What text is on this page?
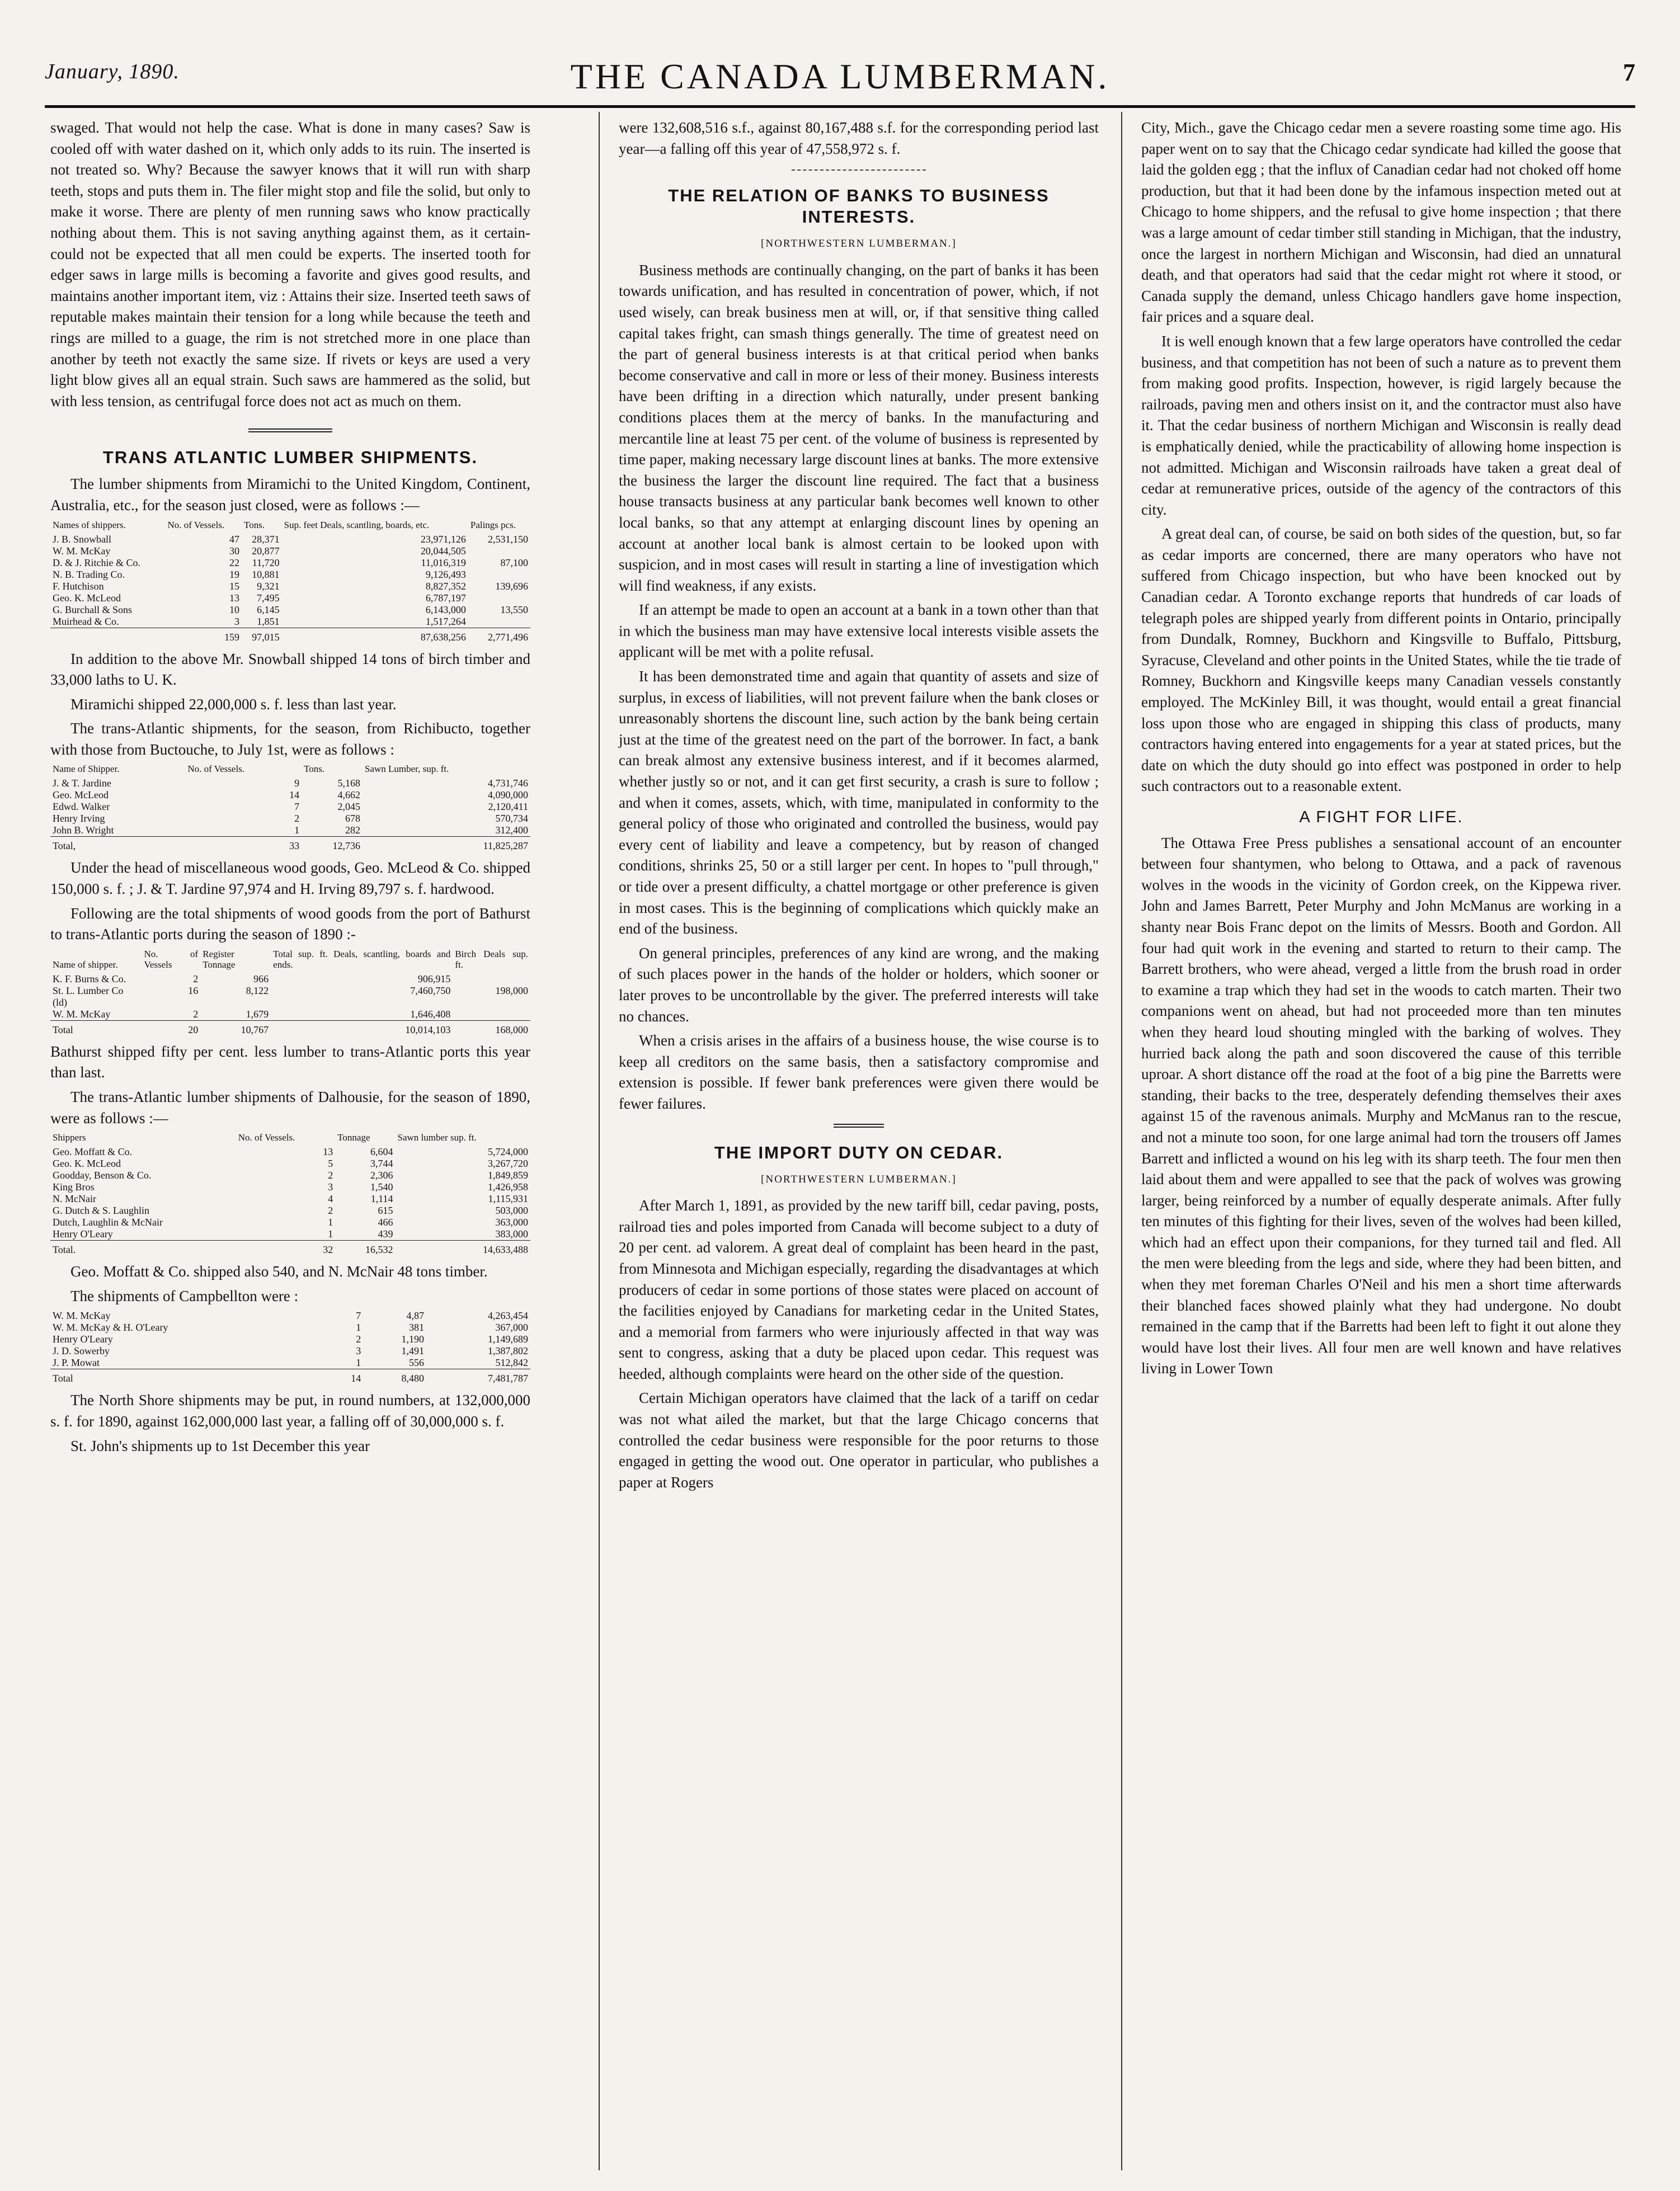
January, 1890.	THE CANADA LUMBERMAN.	7

swaged. That would not help the case. What is done in many cases? Saw is cooled off with water dashed on it, which only adds to its ruin. The inserted is not treated so. Why? Because the sawyer knows that it will run with sharp teeth, stops and puts them in. The filer might stop and file the solid, but only to make it worse. There are plenty of men running saws who know practically nothing about them. This is not saving anything against them, as it certain-could not be expected that all men could be experts. The inserted tooth for edger saws in large mills is becoming a favorite and gives good results, and maintains another important item, viz : Attains their size. Inserted teeth saws of reputable makes maintain their tension for a long while because the teeth and rings are milled to a guage, the rim is not stretched more in one place than another by teeth not exactly the same size. If rivets or keys are used a very light blow gives all an equal strain. Such saws are hammered as the solid, but with less tension, as centrifugal force does not act as much on them.

TRANS ATLANTIC LUMBER SHIPMENTS.

The lumber shipments from Miramichi to the United Kingdom, Continent, Australia, etc., for the season just closed, were as follows :—

Names of shippers.	No. of Vessels.	Tons.	Sup. feet Deals, scantling, boards, etc.	Palings pcs.
J. B. Snowball	47	28,371	23,971,126	2,531,150
W. M. McKay	30	20,877	20,044,505	
D. & J. Ritchie & Co.	22	11,720	11,016,319	87,100
N. B. Trading Co.	19	10,881	9,126,493	
F. Hutchison	15	9,321	8,827,352	139,696
Geo. K. McLeod	13	7,495	6,787,197	
G. Burchall & Sons	10	6,145	6,143,000	13,550
Muirhead & Co.	3	1,851	1,517,264	
	159	97,015	87,638,256	2,771,496

In addition to the above Mr. Snowball shipped 14 tons of birch timber and 33,000 laths to U. K.

Miramichi shipped 22,000,000 s. f. less than last year.

The trans-Atlantic shipments, for the season, from Richibucto, together with those from Buctouche, to July 1st, were as follows :

Name of Shipper.	No. of Vessels.	Tons.	Sawn Lumber, sup. ft.
J. & T. Jardine	9	5,168	4,731,746
Geo. McLeod	14	4,662	4,090,000
Edwd. Walker	7	2,045	2,120,411
Henry Irving	2	678	570,734
John B. Wright	1	282	312,400
Total,	33	12,736	11,825,287

Under the head of miscellaneous wood goods, Geo. McLeod & Co. shipped 150,000 s. f. ; J. & T. Jardine 97,974 and H. Irving 89,797 s. f. hardwood.

Following are the total shipments of wood goods from the port of Bathurst to trans-Atlantic ports during the season of 1890 :-

Name of shipper.	No. of Vessels	Register Tonnage	Total sup. ft. Deals, scantling, boards and ends.	Birch Deals sup. ft.
K. F. Burns & Co.	2	966	906,915	
St. L. Lumber Co (ld)	16	8,122	7,460,750	198,000
W. M. McKay	2	1,679	1,646,408	
Total	20	10,767	10,014,103	168,000

Bathurst shipped fifty per cent. less lumber to trans-Atlantic ports this year than last.

The trans-Atlantic lumber shipments of Dalhousie, for the season of 1890, were as follows :—

Shippers	No. of Vessels.	Tonnage	Sawn lumber sup. ft.
Geo. Moffatt & Co.	13	6,604	5,724,000
Geo. K. McLeod	5	3,744	3,267,720
Goodday, Benson & Co.	2	2,306	1,849,859
King Bros	3	1,540	1,426,958
N. McNair	4	1,114	1,115,931
G. Dutch & S. Laughlin	2	615	503,000
Dutch, Laughlin & McNair	1	466	363,000
Henry O'Leary	1	439	383,000
Total.	32	16,532	14,633,488

Geo. Moffatt & Co. shipped also 540, and N. McNair 48 tons timber.

The shipments of Campbellton were :

W. M. McKay	7	4,87	4,263,454
W. M. McKay & H. O'Leary	1	381	367,000
Henry O'Leary	2	1,190	1,149,689
J. D. Sowerby	3	1,491	1,387,802
J. P. Mowat	1	556	512,842
Total	14	8,480	7,481,787

The North Shore shipments may be put, in round numbers, at 132,000,000 s. f. for 1890, against 162,000,000 last year, a falling off of 30,000,000 s. f.

St. John's shipments up to 1st December this year

were 132,608,516 s.f., against 80,167,488 s.f. for the corresponding period last year—a falling off this year of 47,558,972 s. f.

THE RELATION OF BANKS TO BUSINESS INTERESTS.
[NORTHWESTERN LUMBERMAN.]

Business methods are continually changing, on the part of banks it has been towards unification, and has resulted in concentration of power, which, if not used wisely, can break business men at will, or, if that sensitive thing called capital takes fright, can smash things generally. The time of greatest need on the part of general business interests is at that critical period when banks become conservative and call in more or less of their money. Business interests have been drifting in a direction which naturally, under present banking conditions places them at the mercy of banks. In the manufacturing and mercantile line at least 75 per cent. of the volume of business is represented by time paper, making necessary large discount lines at banks. The more extensive the business the larger the discount line required. The fact that a business house transacts business at any particular bank becomes well known to other local banks, so that any attempt at enlarging discount lines by opening an account at another local bank is almost certain to be looked upon with suspicion, and in most cases will result in starting a line of investigation which will find weakness, if any exists.

If an attempt be made to open an account at a bank in a town other than that in which the business man may have extensive local interests visible assets the applicant will be met with a polite refusal.

It has been demonstrated time and again that quantity of assets and size of surplus, in excess of liabilities, will not prevent failure when the bank closes or unreasonably shortens the discount line, such action by the bank being certain just at the time of the greatest need on the part of the borrower. In fact, a bank can break almost any extensive business interest, and if it becomes alarmed, whether justly so or not, and it can get first security, a crash is sure to follow ; and when it comes, assets, which, with time, manipulated in conformity to the general policy of those who originated and controlled the business, would pay every cent of liability and leave a competency, but by reason of changed conditions, shrinks 25, 50 or a still larger per cent. In hopes to "pull through," or tide over a present difficulty, a chattel mortgage or other preference is given in most cases. This is the beginning of complications which quickly make an end of the business.

On general principles, preferences of any kind are wrong, and the making of such places power in the hands of the holder or holders, which sooner or later proves to be uncontrollable by the giver. The preferred interests will take no chances.

When a crisis arises in the affairs of a business house, the wise course is to keep all creditors on the same basis, then a satisfactory compromise and extension is possible. If fewer bank preferences were given there would be fewer failures.

THE IMPORT DUTY ON CEDAR.
[NORTHWESTERN LUMBERMAN.]

After March 1, 1891, as provided by the new tariff bill, cedar paving, posts, railroad ties and poles imported from Canada will become subject to a duty of 20 per cent. ad valorem. A great deal of complaint has been heard in the past, from Minnesota and Michigan especially, regarding the disadvantages at which producers of cedar in some portions of those states were placed on account of the facilities enjoyed by Canadians for marketing cedar in the United States, and a memorial from farmers who were injuriously affected in that way was sent to congress, asking that a duty be placed upon cedar. This request was heeded, although complaints were heard on the other side of the question.

Certain Michigan operators have claimed that the lack of a tariff on cedar was not what ailed the market, but that the large Chicago concerns that controlled the cedar business were responsible for the poor returns to those engaged in getting the wood out. One operator in particular, who publishes a paper at Rogers

City, Mich., gave the Chicago cedar men a severe roasting some time ago. His paper went on to say that the Chicago cedar syndicate had killed the goose that laid the golden egg ; that the influx of Canadian cedar had not choked off home production, but that it had been done by the infamous inspection meted out at Chicago to home shippers, and the refusal to give home inspection ; that there was a large amount of cedar timber still standing in Michigan, that the industry, once the largest in northern Michigan and Wisconsin, had died an unnatural death, and that operators had said that the cedar might rot where it stood, or Canada supply the demand, unless Chicago handlers gave home inspection, fair prices and a square deal.

It is well enough known that a few large operators have controlled the cedar business, and that competition has not been of such a nature as to prevent them from making good profits. Inspection, however, is rigid largely because the railroads, paving men and others insist on it, and the contractor must also have it. That the cedar business of northern Michigan and Wisconsin is really dead is emphatically denied, while the practicability of allowing home inspection is not admitted. Michigan and Wisconsin railroads have taken a great deal of cedar at remunerative prices, outside of the agency of the contractors of this city.

A great deal can, of course, be said on both sides of the question, but, so far as cedar imports are concerned, there are many operators who have not suffered from Chicago inspection, but who have been knocked out by Canadian cedar. A Toronto exchange reports that hundreds of car loads of telegraph poles are shipped yearly from different points in Ontario, principally from Dundalk, Romney, Buckhorn and Kingsville to Buffalo, Pittsburg, Syracuse, Cleveland and other points in the United States, while the tie trade of Romney, Buckhorn and Kingsville keeps many Canadian vessels constantly employed. The McKinley Bill, it was thought, would entail a great financial loss upon those who are engaged in shipping this class of products, many contractors having entered into engagements for a year at stated prices, but the date on which the duty should go into effect was postponed in order to help such contractors out to a reasonable extent.

A FIGHT FOR LIFE.

The Ottawa Free Press publishes a sensational account of an encounter between four shantymen, who belong to Ottawa, and a pack of ravenous wolves in the woods in the vicinity of Gordon creek, on the Kippewa river. John and James Barrett, Peter Murphy and John McManus are working in a shanty near Bois Franc depot on the limits of Messrs. Booth and Gordon. All four had quit work in the evening and started to return to their camp. The Barrett brothers, who were ahead, verged a little from the brush road in order to examine a trap which they had set in the woods to catch marten. Their two companions went on ahead, but had not proceeded more than ten minutes when they heard loud shouting mingled with the barking of wolves. They hurried back along the path and soon discovered the cause of this terrible uproar. A short distance off the road at the foot of a big pine the Barretts were standing, their backs to the tree, desperately defending themselves their axes against 15 of the ravenous animals. Murphy and McManus ran to the rescue, and not a minute too soon, for one large animal had torn the trousers off James Barrett and inflicted a wound on his leg with its sharp teeth. The four men then laid about them and were appalled to see that the pack of wolves was growing larger, being reinforced by a number of equally desperate animals. After fully ten minutes of this fighting for their lives, seven of the wolves had been killed, which had an effect upon their companions, for they turned tail and fled. All the men were bleeding from the legs and side, where they had been bitten, and when they met foreman Charles O'Neil and his men a short time afterwards their blanched faces showed plainly what they had undergone. No doubt remained in the camp that if the Barretts had been left to fight it out alone they would have lost their lives. All four men are well known and have relatives living in Lower Town
